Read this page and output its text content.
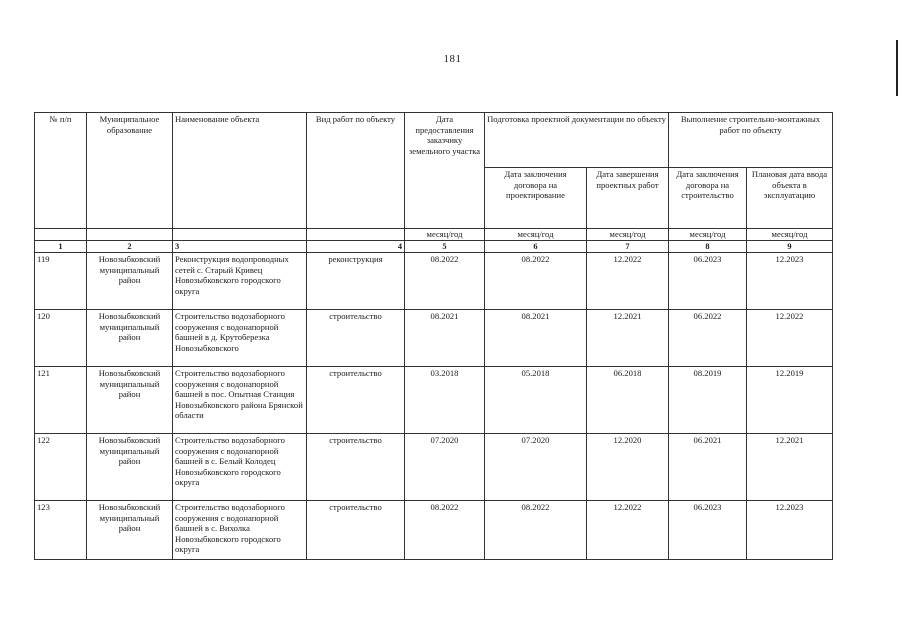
181
№ п/п	Муниципальное образование	Наименование объекта	Вид работ по объекту	Дата предоставления заказчику земельного участка	Подготовка проектной документации по объекту		Выполнение строительно-монтажных работ по объекту	
					Дата заключения договора на проектирование	Дата завершения проектных работ	Дата заключения договора на строительство	Плановая дата ввода объекта в эксплуатацию
				месяц/год	месяц/год	месяц/год	месяц/год	месяц/год
1	2	3	4	5	6	7	8	9
119	Новозыбковский муниципальный район	Реконструкция водопроводных сетей с. Старый Кривец Новозыбковского городского округа	реконструкция	08.2022	08.2022	12.2022	06.2023	12.2023
120	Новозыбковский муниципальный район	Строительство водозаборного сооружения с водонапорной башней в д. Крутоберезка Новозыбковского	строительство	08.2021	08.2021	12.2021	06.2022	12.2022
121	Новозыбковский муниципальный район	Строительство водозаборного сооружения с водонапорной башней в пос. Опытная Станция Новозыбковского района Брянской области	строительство	03.2018	05.2018	06.2018	08.2019	12.2019
122	Новозыбковский муниципальный район	Строительство водозаборного сооружения с водонапорной башней в с. Белый Колодец Новозыбковского городского округа	строительство	07.2020	07.2020	12.2020	06.2021	12.2021
123	Новозыбковский муниципальный район	Строительство водозаборного сооружения с водонапорной башней в с. Вихолка Новозыбковского городского округа	строительство	08.2022	08.2022	12.2022	06.2023	12.2023
